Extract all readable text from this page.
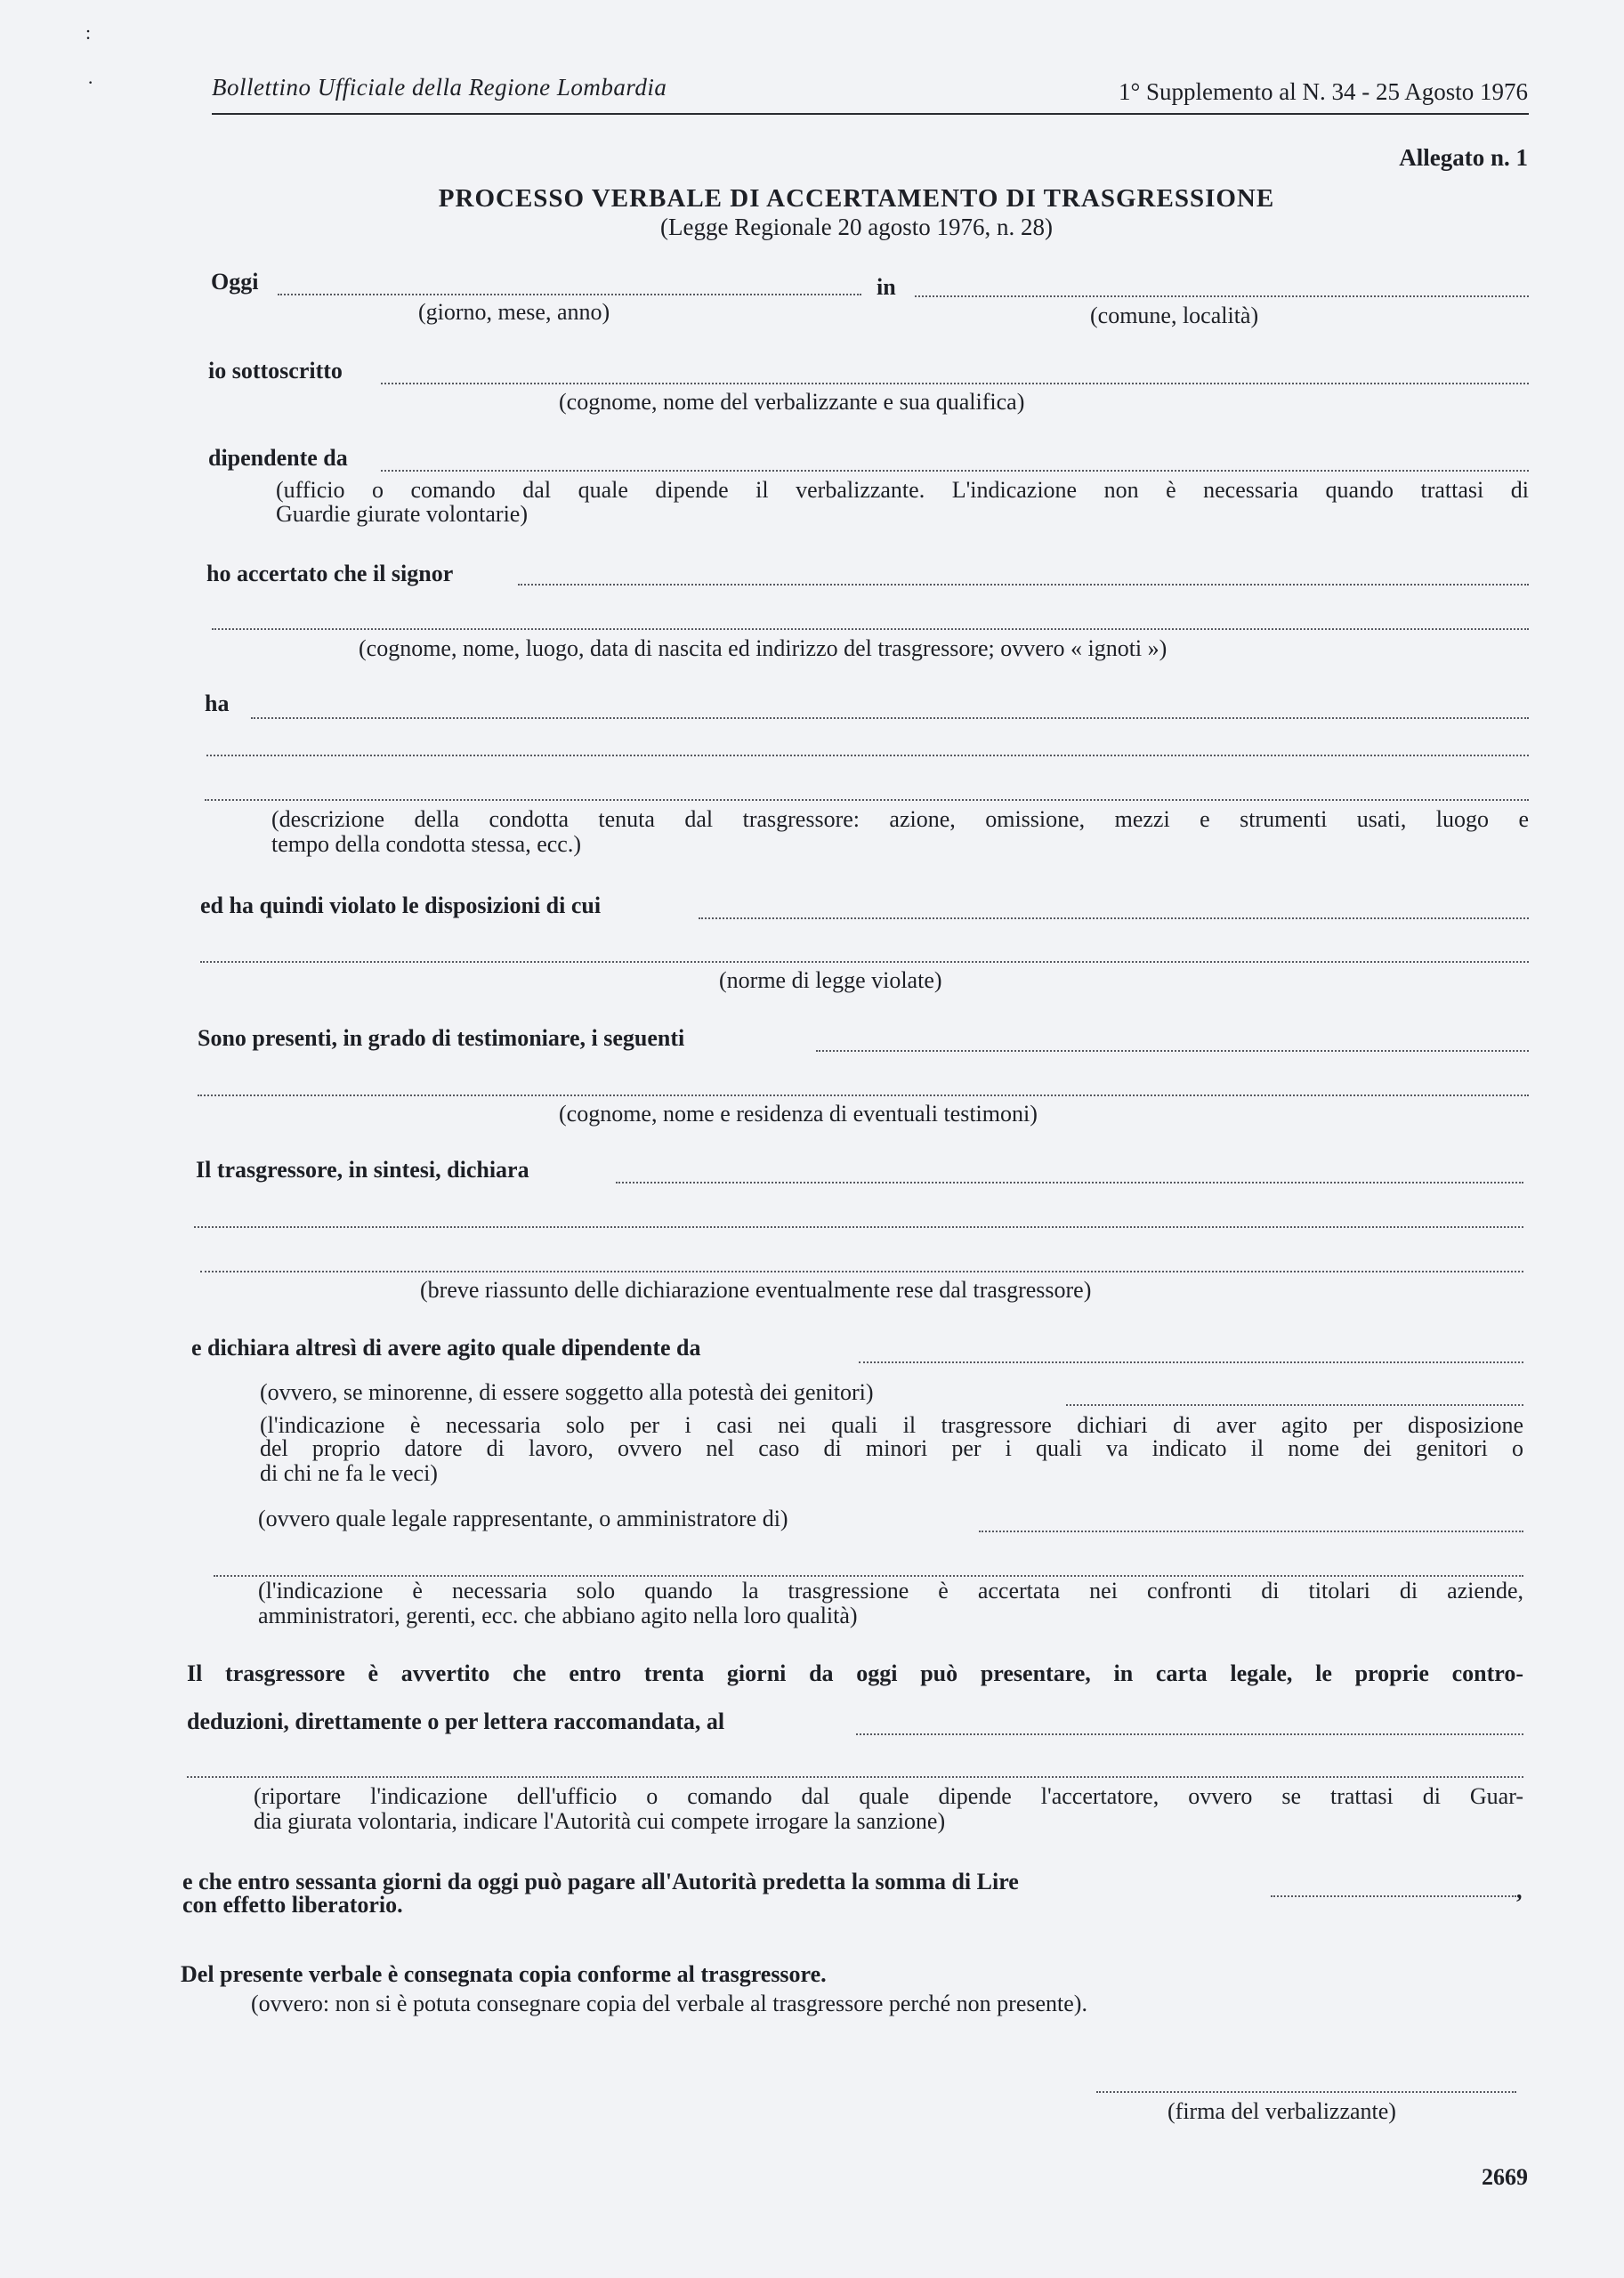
:
·	Bollettino Ufficiale della Regione Lombardia	1° Supplemento al N. 34 - 25 Agosto 1976
Allegato n. 1
PROCESSO VERBALE DI ACCERTAMENTO DI TRASGRESSIONE
(Legge Regionale 20 agosto 1976, n. 28)
Oggi	in
(giorno, mese, anno)	(comune, località)
io sottoscritto
(cognome, nome del verbalizzante e sua qualifica)
dipendente da
(ufficio o comando dal quale dipende il verbalizzante. L'indicazione non è necessaria quando trattasi di
Guardie giurate volontarie)
ho accertato che il signor
(cognome, nome, luogo, data di nascita ed indirizzo del trasgressore; ovvero « ignoti »)
ha
(descrizione della condotta tenuta dal trasgressore: azione, omissione, mezzi e strumenti usati, luogo e
tempo della condotta stessa, ecc.)
ed ha quindi violato le disposizioni di cui
(norme di legge violate)
Sono presenti, in grado di testimoniare, i seguenti
(cognome, nome e residenza di eventuali testimoni)
Il trasgressore, in sintesi, dichiara
(breve riassunto delle dichiarazione eventualmente rese dal trasgressore)
e dichiara altresì di avere agito quale dipendente da
(ovvero, se minorenne, di essere soggetto alla potestà dei genitori)
(l'indicazione è necessaria solo per i casi nei quali il trasgressore dichiari di aver agito per disposizione
del proprio datore di lavoro, ovvero nel caso di minori per i quali va indicato il nome dei genitori o
di chi ne fa le veci)
(ovvero quale legale rappresentante, o amministratore di)
(l'indicazione è necessaria solo quando la trasgressione è accertata nei confronti di titolari di aziende,
amministratori, gerenti, ecc. che abbiano agito nella loro qualità)
Il trasgressore è avvertito che entro trenta giorni da oggi può presentare, in carta legale, le proprie contro-
deduzioni, direttamente o per lettera raccomandata, al
(riportare l'indicazione dell'ufficio o comando dal quale dipende l'accertatore, ovvero se trattasi di Guar-
dia giurata volontaria, indicare l'Autorità cui compete irrogare la sanzione)
e che entro sessanta giorni da oggi può pagare all'Autorità predetta la somma di Lire	,
con effetto liberatorio.
Del presente verbale è consegnata copia conforme al trasgressore.
(ovvero: non si è potuta consegnare copia del verbale al trasgressore perché non presente).
(firma del verbalizzante)
2669
